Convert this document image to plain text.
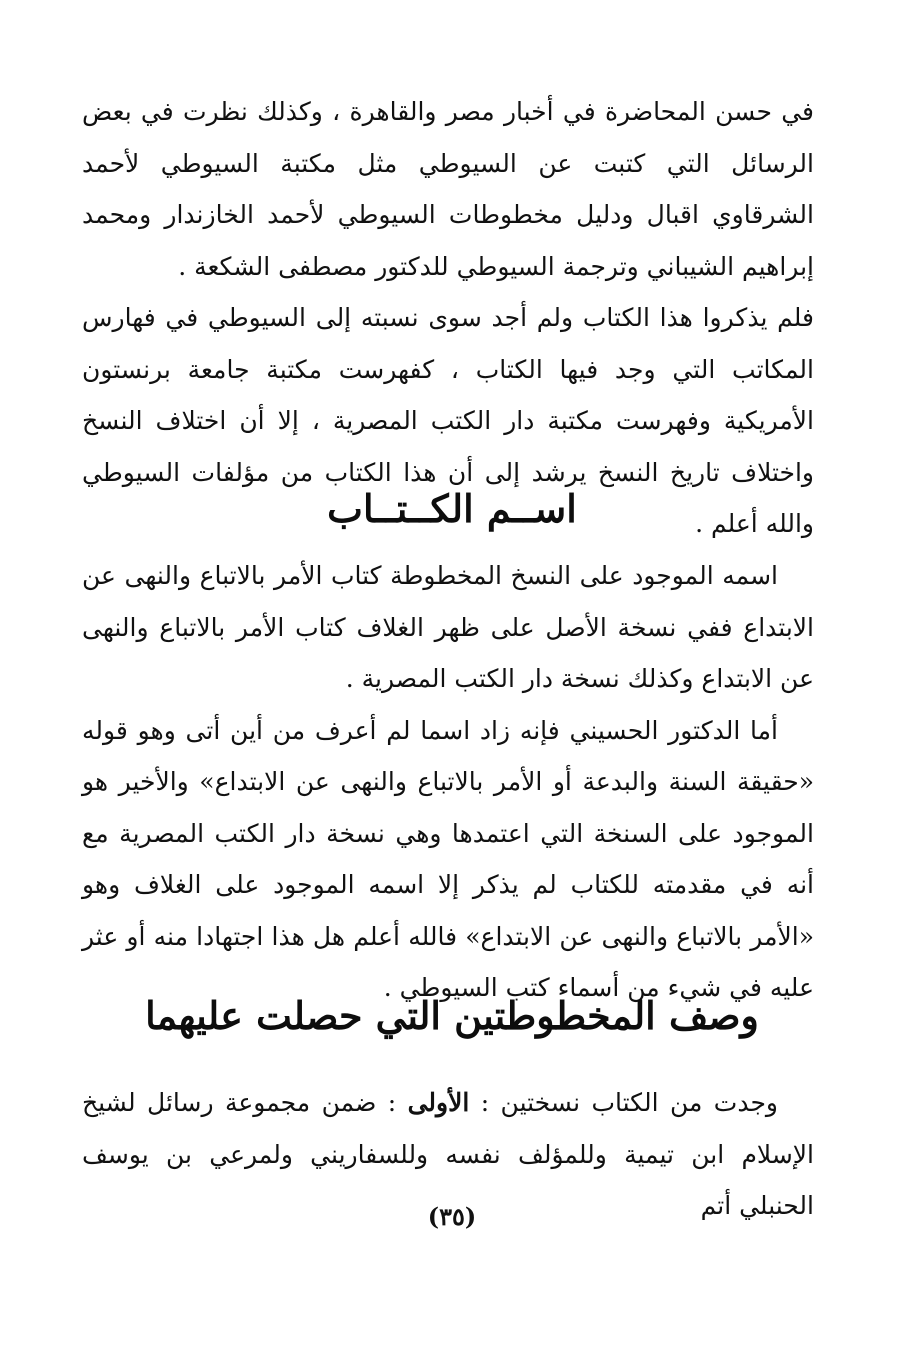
في حسن المحاضرة في أخبار مصر والقاهرة ، وكذلك نظرت في بعض الرسائل التي كتبت عن السيوطي مثل مكتبة السيوطي لأحمد الشرقاوي اقبال ودليل مخطوطات السيوطي لأحمد الخازندار ومحمد إبراهيم الشيباني وترجمة السيوطي للدكتور مصطفى الشكعة .

فلم يذكروا هذا الكتاب ولم أجد سوى نسبته إلى السيوطي في فهارس المكاتب التي وجد فيها الكتاب ، كفهرست مكتبة جامعة برنستون الأمريكية وفهرست مكتبة دار الكتب المصرية ، إلا أن اختلاف النسخ واختلاف تاريخ النسخ يرشد إلى أن هذا الكتاب من مؤلفات السيوطي والله أعلم .

اســم الكــتــاب

اسمه الموجود على النسخ المخطوطة كتاب الأمر بالاتباع والنهى عن الابتداع ففي نسخة الأصل على ظهر الغلاف كتاب الأمر بالاتباع والنهى عن الابتداع وكذلك نسخة دار الكتب المصرية .

أما الدكتور الحسيني فإنه زاد اسما لم أعرف من أين أتى وهو قوله «حقيقة السنة والبدعة أو الأمر بالاتباع والنهى عن الابتداع» والأخير هو الموجود على السنخة التي اعتمدها وهي نسخة دار الكتب المصرية مع أنه في مقدمته للكتاب لم يذكر إلا اسمه الموجود على الغلاف وهو «الأمر بالاتباع والنهى عن الابتداع» فالله أعلم هل هذا اجتهادا منه أو عثر عليه في شيء من أسماء كتب السيوطي .

وصف المخطوطتين التي حصلت عليهما

وجدت من الكتاب نسختين : الأولى : ضمن مجموعة رسائل لشيخ الإسلام ابن تيمية وللمؤلف نفسه وللسفاريني ولمرعي بن يوسف الحنبلي أتم

(٣٥)
